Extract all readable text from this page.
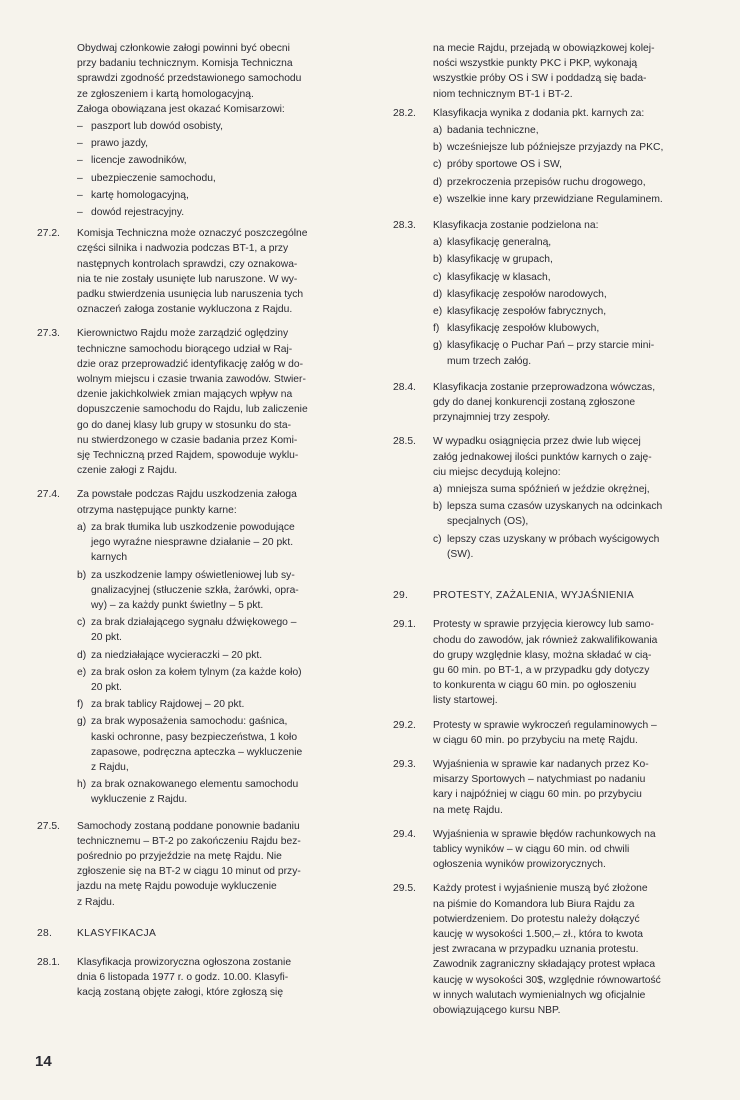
Obydwaj członkowie załogi powinni być obecni
przy badaniu technicznym. Komisja Techniczna
sprawdzi zgodność przedstawionego samochodu
ze zgłoszeniem i kartą homologacyjną.
Załoga obowiązana jest okazać Komisarzowi:
– paszport lub dowód osobisty,
– prawo jazdy,
– licencje zawodników,
– ubezpieczenie samochodu,
– kartę homologacyjną,
– dowód rejestracyjny.
27.2.	Komisja Techniczna może oznaczyć poszczególne
części silnika i nadwozia podczas BT-1, a przy
następnych kontrolach sprawdzi, czy oznakowa-
nia te nie zostały usunięte lub naruszone. W wy-
padku stwierdzenia usunięcia lub naruszenia tych
oznaczeń załoga zostanie wykluczona z Rajdu.
27.3.	Kierownictwo Rajdu może zarządzić oględziny
techniczne samochodu biorącego udział w Raj-
dzie oraz przeprowadzić identyfikację załóg w do-
wolnym miejscu i czasie trwania zawodów. Stwier-
dzenie jakichkolwiek zmian mających wpływ na
dopuszczenie samochodu do Rajdu, lub zaliczenie
go do danej klasy lub grupy w stosunku do sta-
nu stwierdzonego w czasie badania przez Komi-
sję Techniczną przed Rajdem, spowoduje wyklu-
czenie załogi z Rajdu.
27.4.	Za powstałe podczas Rajdu uszkodzenia załoga
otrzyma następujące punkty karne:
a) za brak tłumika lub uszkodzenie powodujące
jego wyraźne niesprawne działanie – 20 pkt.
karnych
b) za uszkodzenie lampy oświetleniowej lub sy-
gnalizacyjnej (stłuczenie szkła, żarówki, opra-
wy) – za każdy punkt świetlny – 5 pkt.
c) za brak działającego sygnału dźwiękowego –
20 pkt.
d) za niedziałające wycieraczki – 20 pkt.
e) za brak osłon za kołem tylnym (za każde koło)
20 pkt.
f) za brak tablicy Rajdowej – 20 pkt.
g) za brak wyposażenia samochodu: gaśnica,
kaski ochronne, pasy bezpieczeństwa, 1 koło
zapasowe, podręczna apteczka – wykluczenie
z Rajdu,
h) za brak oznakowanego elementu samochodu
wykluczenie z Rajdu.
27.5.	Samochody zostaną poddane ponownie badaniu
technicznemu – BT-2 po zakończeniu Rajdu bez-
pośrednio po przyjeździe na metę Rajdu. Nie
zgłoszenie się na BT-2 w ciągu 10 minut od przy-
jazdu na metę Rajdu powoduje wykluczenie
z Rajdu.
28.	KLASYFIKACJA
28.1.	Klasyfikacja prowizoryczna ogłoszona zostanie
dnia 6 listopada 1977 r. o godz. 10.00. Klasyfi-
kacją zostaną objęte załogi, które zgłoszą się
na mecie Rajdu, przejadą w obowiązkowej kolej-
ności wszystkie punkty PKC i PKP, wykonają
wszystkie próby OS i SW i poddadzą się bada-
niom technicznym BT-1 i BT-2.
28.2.	Klasyfikacja wynika z dodania pkt. karnych za:
a) badania techniczne,
b) wcześniejsze lub późniejsze przyjazdy na PKC,
c) próby sportowe OS i SW,
d) przekroczenia przepisów ruchu drogowego,
e) wszelkie inne kary przewidziane Regulaminem.
28.3.	Klasyfikacja zostanie podzielona na:
a) klasyfikację generalną,
b) klasyfikację w grupach,
c) klasyfikację w klasach,
d) klasyfikację zespołów narodowych,
e) klasyfikację zespołów fabrycznych,
f) klasyfikację zespołów klubowych,
g) klasyfikację o Puchar Pań – przy starcie mini-
mum trzech załóg.
28.4.	Klasyfikacja zostanie przeprowadzona wówczas,
gdy do danej konkurencji zostaną zgłoszone
przynajmniej trzy zespoły.
28.5.	W wypadku osiągnięcia przez dwie lub więcej
załóg jednakowej ilości punktów karnych o zaję-
ciu miejsc decydują kolejno:
a) mniejsza suma spóźnień w jeździe okrężnej,
b) lepsza suma czasów uzyskanych na odcinkach
specjalnych (OS),
c) lepszy czas uzyskany w próbach wyścigowych
(SW).
29.	PROTESTY, ZAŻALENIA, WYJAŚNIENIA
29.1.	Protesty w sprawie przyjęcia kierowcy lub samo-
chodu do zawodów, jak również zakwalifikowania
do grupy względnie klasy, można składać w cią-
gu 60 min. po BT-1, a w przypadku gdy dotyczy
to konkurenta w ciągu 60 min. po ogłoszeniu
listy startowej.
29.2.	Protesty w sprawie wykroczeń regulaminowych –
w ciągu 60 min. po przybyciu na metę Rajdu.
29.3.	Wyjaśnienia w sprawie kar nadanych przez Ko-
misarzy Sportowych – natychmiast po nadaniu
kary i najpóźniej w ciągu 60 min. po przybyciu
na metę Rajdu.
29.4.	Wyjaśnienia w sprawie błędów rachunkowych na
tablicy wyników – w ciągu 60 min. od chwili
ogłoszenia wyników prowizorycznych.
29.5.	Każdy protest i wyjaśnienie muszą być złożone
na piśmie do Komandora lub Biura Rajdu za
potwierdzeniem. Do protestu należy dołączyć
kaucję w wysokości 1.500,– zł., która to kwota
jest zwracana w przypadku uznania protestu.
Zawodnik zagraniczny składający protest wpłaca
kaucję w wysokości 30$, względnie równowartość
w innych walutach wymienialnych wg oficjalnie
obowiązującego kursu NBP.
14
